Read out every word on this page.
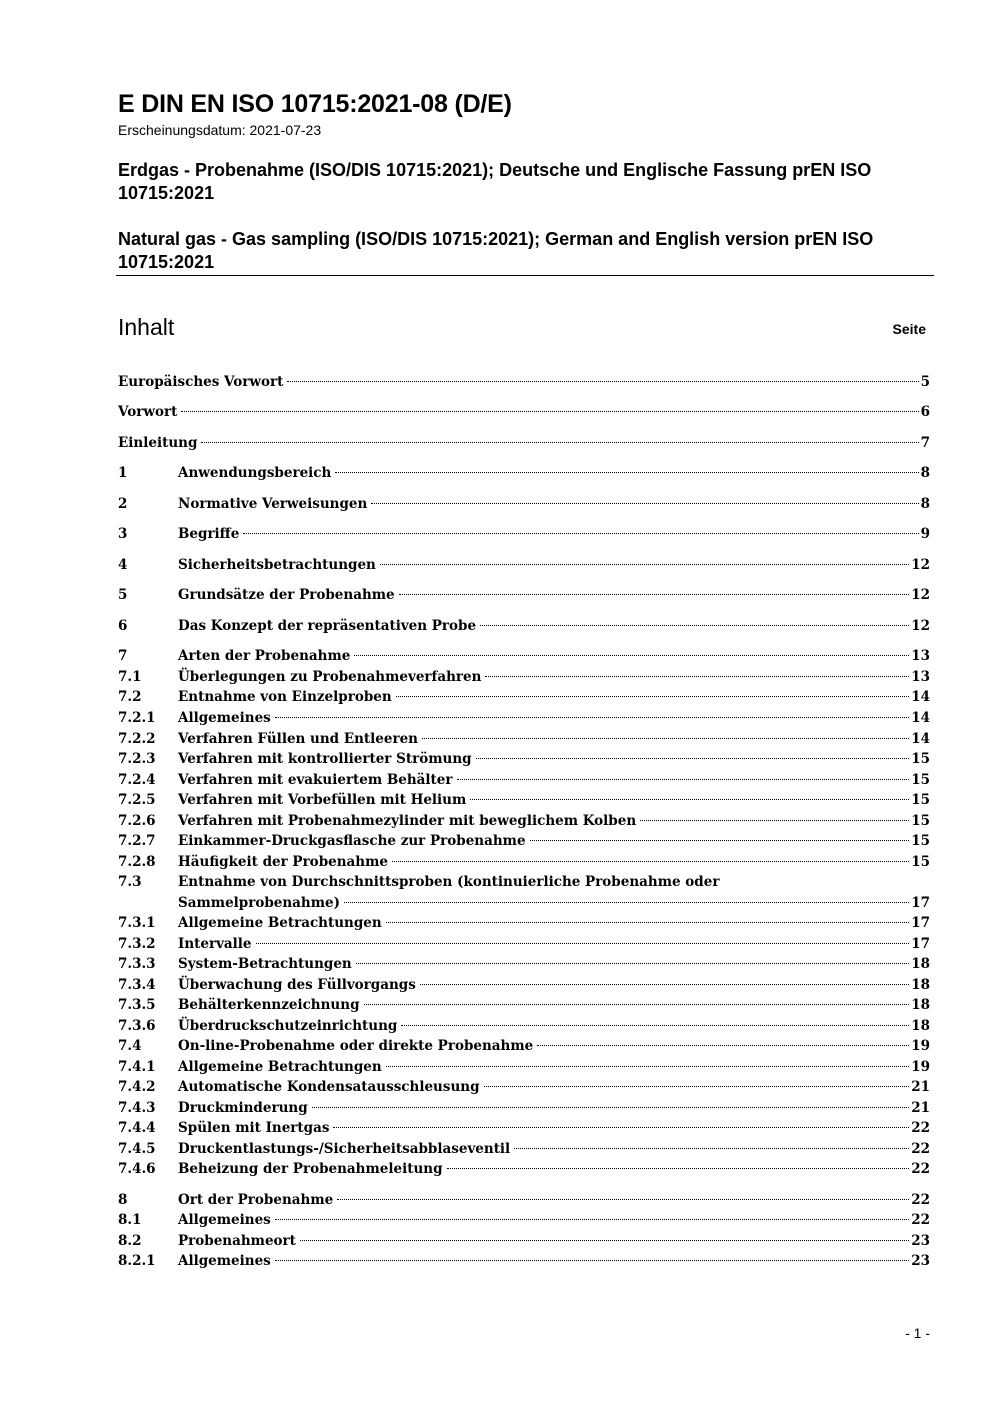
E DIN EN ISO 10715:2021-08 (D/E)
Erscheinungsdatum: 2021-07-23
Erdgas - Probenahme (ISO/DIS 10715:2021); Deutsche und Englische Fassung prEN ISO 10715:2021
Natural gas - Gas sampling (ISO/DIS 10715:2021); German and English version prEN ISO 10715:2021
Inhalt	Seite
Europäisches Vorwort	5
Vorwort	6
Einleitung	7
1	Anwendungsbereich	8
2	Normative Verweisungen	8
3	Begriffe	9
4	Sicherheitsbetrachtungen	12
5	Grundsätze der Probenahme	12
6	Das Konzept der repräsentativen Probe	12
7	Arten der Probenahme	13
7.1	Überlegungen zu Probenahmeverfahren	13
7.2	Entnahme von Einzelproben	14
7.2.1 Allgemeines	14
7.2.2 Verfahren Füllen und Entleeren	14
7.2.3 Verfahren mit kontrollierter Strömung	15
7.2.4 Verfahren mit evakuiertem Behälter	15
7.2.5 Verfahren mit Vorbefüllen mit Helium	15
7.2.6 Verfahren mit Probenahmezylinder mit beweglichem Kolben	15
7.2.7 Einkammer-Druckgasflasche zur Probenahme	15
7.2.8 Häufigkeit der Probenahme	15
7.3	Entnahme von Durchschnittsproben (kontinuierliche Probenahme oder
Sammelprobenahme)	17
7.3.1 Allgemeine Betrachtungen	17
7.3.2 Intervalle	17
7.3.3 System-Betrachtungen	18
7.3.4 Überwachung des Füllvorgangs	18
7.3.5 Behälterkennzeichnung	18
7.3.6 Überdruckschutzeinrichtung	18
7.4	On-line-Probenahme oder direkte Probenahme	19
7.4.1 Allgemeine Betrachtungen	19
7.4.2 Automatische Kondensatausschleusung	21
7.4.3 Druckminderung	21
7.4.4 Spülen mit Inertgas	22
7.4.5 Druckentlastungs-/Sicherheitsabblaseventil	22
7.4.6 Beheizung der Probenahmeleitung	22
8	Ort der Probenahme	22
8.1	Allgemeines	22
8.2	Probenahmeort	23
8.2.1 Allgemeines	23
- 1 -
